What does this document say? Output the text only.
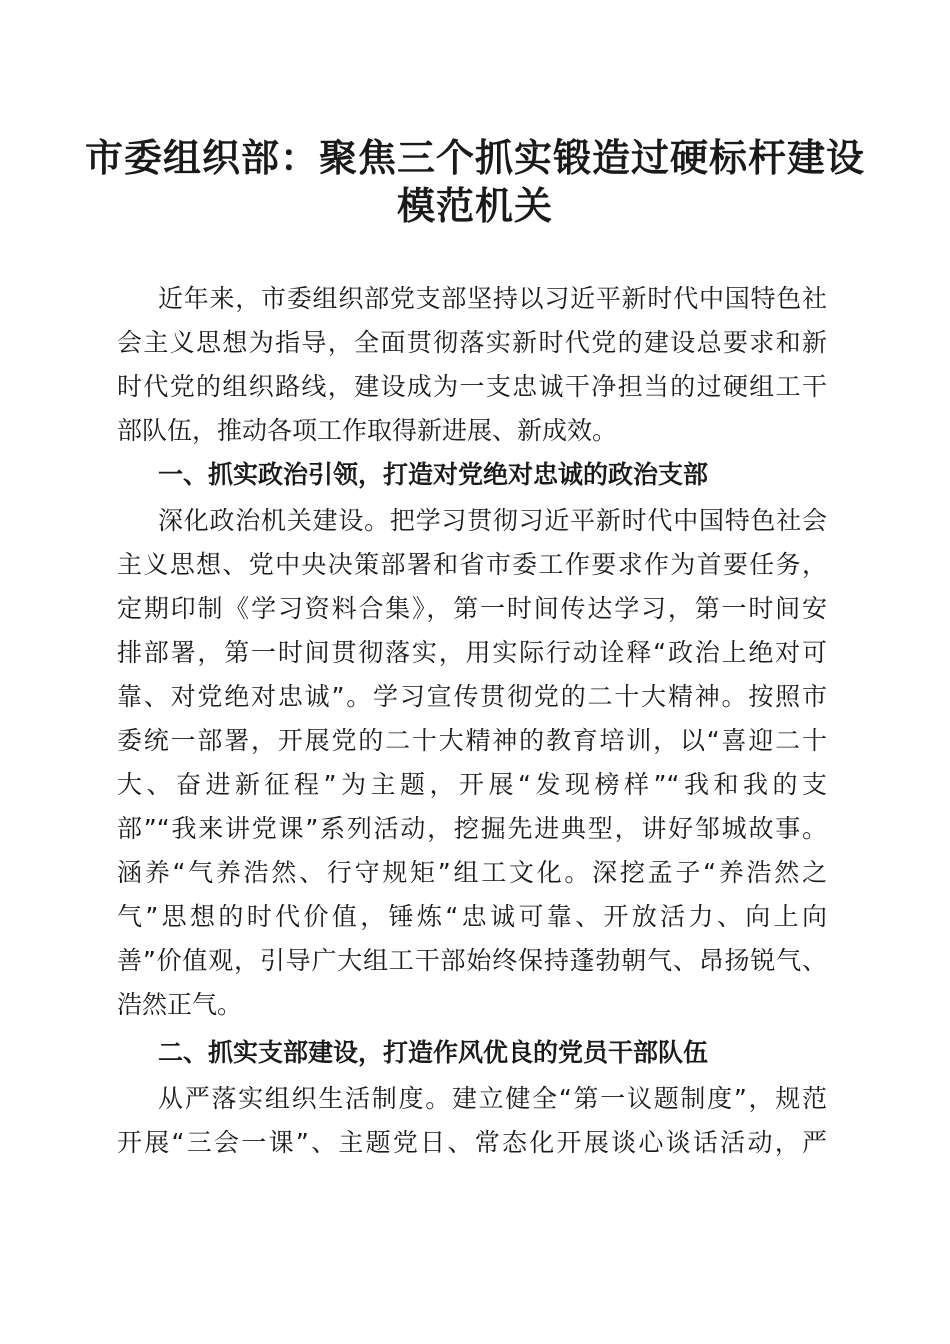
市委组织部：聚焦三个抓实锻造过硬标杆建设
模范机关

近年来，市委组织部党支部坚持以习近平新时代中国特色社

会主义思想为指导，全面贯彻落实新时代党的建设总要求和新

时代党的组织路线，建设成为一支忠诚干净担当的过硬组工干

部队伍，推动各项工作取得新进展、新成效。

一、抓实政治引领，打造对党绝对忠诚的政治支部

深化政治机关建设。把学习贯彻习近平新时代中国特色社会

主义思想、党中央决策部署和省市委工作要求作为首要任务，

定期印制《学习资料合集》，第一时间传达学习，第一时间安

排部署，第一时间贯彻落实，用实际行动诠释“政治上绝对可

靠、对党绝对忠诚”。学习宣传贯彻党的二十大精神。按照市

委统一部署，开展党的二十大精神的教育培训，以“喜迎二十

大、奋进新征程”为主题，开展“发现榜样”“我和我的支

部”“我来讲党课”系列活动，挖掘先进典型，讲好邹城故事。

涵养“气养浩然、行守规矩”组工文化。深挖孟子“养浩然之

气”思想的时代价值，锤炼“忠诚可靠、开放活力、向上向

善”价值观，引导广大组工干部始终保持蓬勃朝气、昂扬锐气、

浩然正气。

二、抓实支部建设，打造作风优良的党员干部队伍

从严落实组织生活制度。建立健全“第一议题制度”，规范

开展“三会一课”、主题党日、常态化开展谈心谈话活动，严
